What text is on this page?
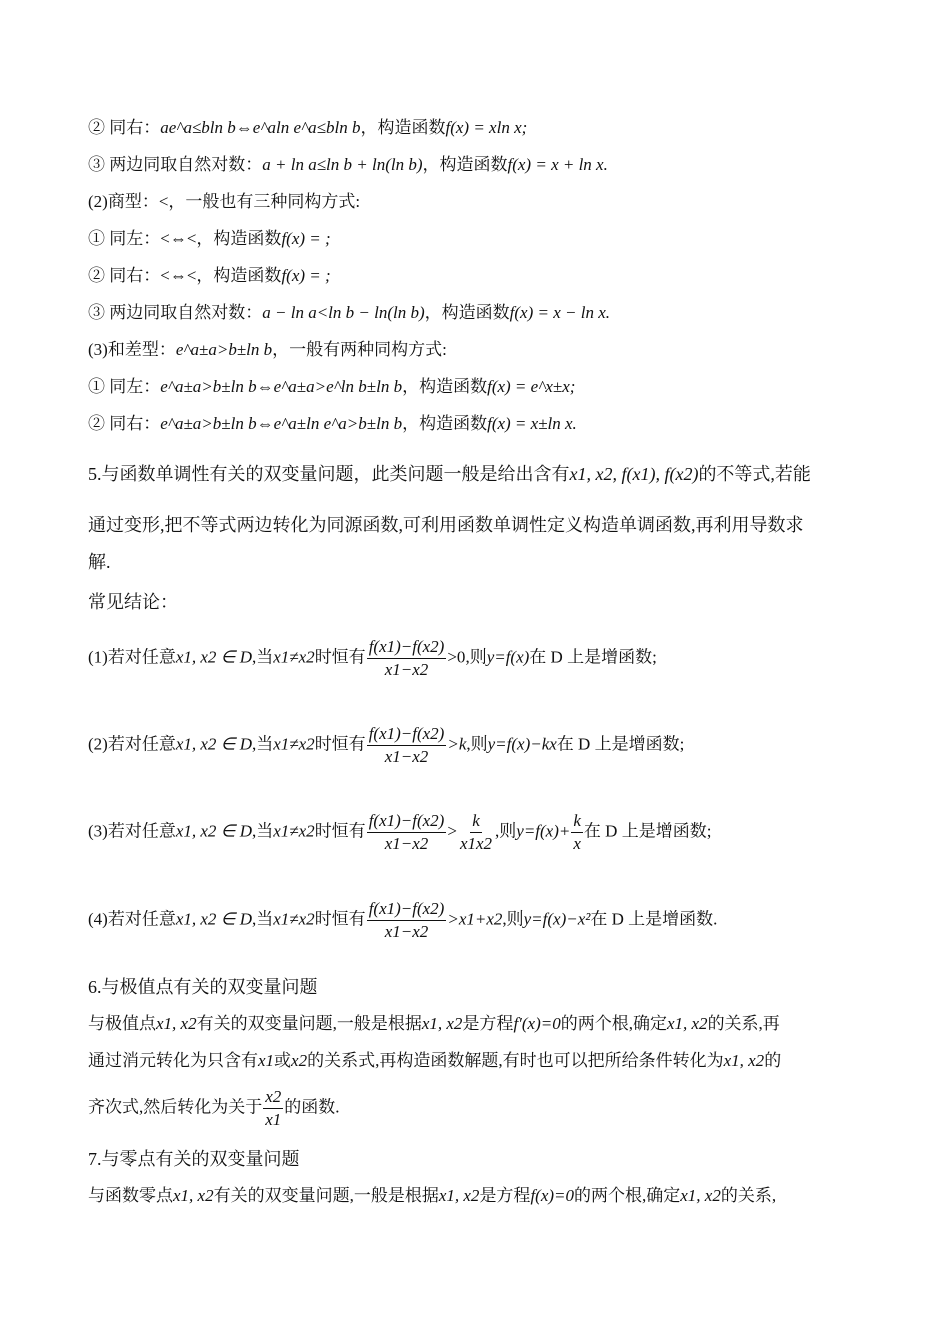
② 同右：ae^a≤bln b⇔e^aln e^a≤bln b，构造函数f(x) = xln x;
③ 两边同取自然对数：a + ln a≤ln b + ln(ln b)，构造函数f(x) = x + ln x.
(2)商型：<，一般也有三种同构方式:
① 同左：<⇔<，构造函数f(x) = ;
② 同右：<⇔<，构造函数f(x) = ;
③ 两边同取自然对数：a − ln a<ln b − ln(ln b)，构造函数f(x) = x − ln x.
(3)和差型：e^a±a>b±ln b，一般有两种同构方式:
① 同左：e^a±a>b±ln b⇔e^a±a>e^ln b±ln b，构造函数f(x) = e^x±x;
② 同右：e^a±a>b±ln b⇔e^a±ln e^a>b±ln b，构造函数f(x) = x±ln x.
5.与函数单调性有关的双变量问题，此类问题一般是给出含有x1, x2, f(x1), f(x2)的不等式,若能
通过变形,把不等式两边转化为同源函数,可利用函数单调性定义构造单调函数,再利用导数求
解.
常见结论：
(1)若对任意x1, x2 ∈ D,当x1≠x2时恒有 $\frac{f(x1)-f(x2)}{x1-x2} >0$,则y=f(x)在 D 上是增函数;
(2)若对任意x1, x2 ∈ D,当x1≠x2时恒有 $\frac{f(x1)-f(x2)}{x1-x2} >k$,则y=f(x)−kx在 D 上是增函数;
(3)若对任意x1, x2 ∈ D,当x1≠x2时恒有 $\frac{f(x1)-f(x2)}{x1-x2} > \frac{k}{x1x2}$ ,则$y=f(x)+ \frac{k}{x}$ 在 D 上是增函数;
(4)若对任意x1, x2 ∈ D,当x1≠x2时恒有 $\frac{f(x1)-f(x2)}{x1-x2} >x1+x2$,则y=f(x)−x²在 D 上是增函数.
6.与极值点有关的双变量问题
与极值点x1, x2有关的双变量问题,一般是根据x1, x2是方程f′(x)=0的两个根,确定x1, x2的关系,再
通过消元转化为只含有x1或x2的关系式,再构造函数解题,有时也可以把所给条件转化为x1, x2的
齐次式,然后转化为关于 $\frac{x2}{x1}$ 的函数.
7.与零点有关的双变量问题
与函数零点x1, x2有关的双变量问题,一般是根据x1, x2是方程f(x)=0的两个根,确定x1, x2的关系,
